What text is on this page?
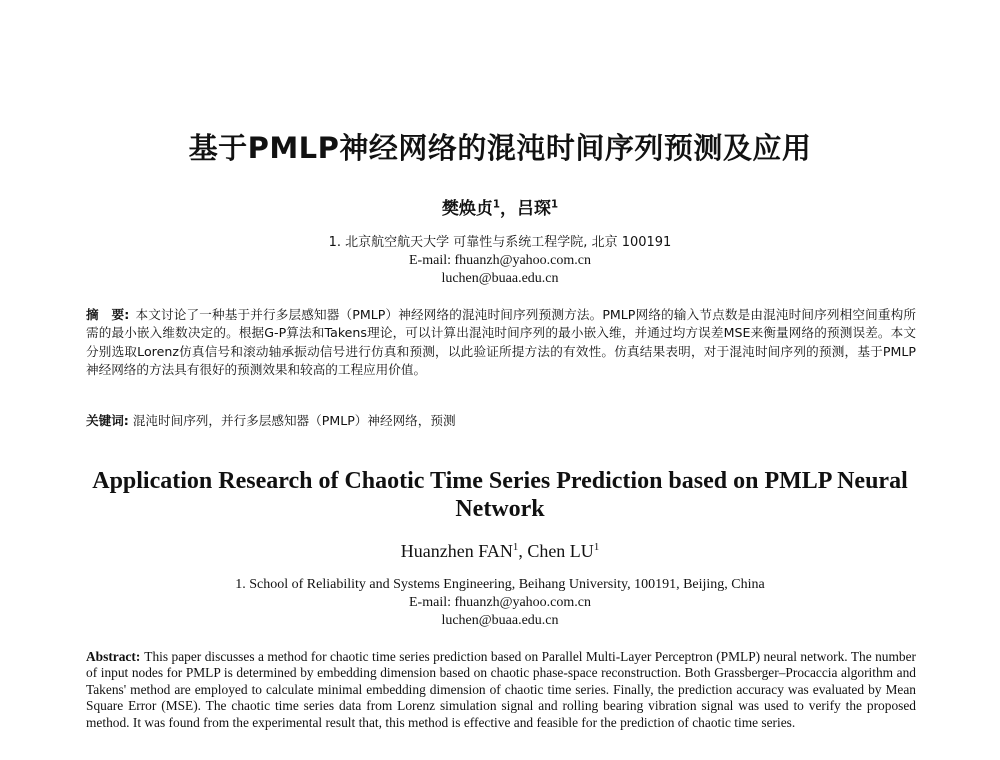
基于PMLP神经网络的混沌时间序列预测及应用
樊焕贞$^1$，吕琛$^1$
1. 北京航空航天大学 可靠性与系统工程学院, 北京 100191
E-mail: fhuanzh@yahoo.com.cn
luchen@buaa.edu.cn
摘　要: 本文讨论了一种基于并行多层感知器（PMLP）神经网络的混沌时间序列预测方法。PMLP网络的输入节点数是由混沌时间序列相空间重构所需的最小嵌入维数决定的。根据G-P算法和Takens理论，可以计算出混沌时间序列的最小嵌入维，并通过均方误差MSE来衡量网络的预测误差。本文分别选取Lorenz仿真信号和滚动轴承振动信号进行仿真和预测，以此验证所提方法的有效性。仿真结果表明，对于混沌时间序列的预测，基于PMLP神经网络的方法具有很好的预测效果和较高的工程应用价值。
关键词: 混沌时间序列，并行多层感知器（PMLP）神经网络，预测
Application Research of Chaotic Time Series Prediction based on PMLP Neural Network
Huanzhen FAN$^1$, Chen $LU^1$
1. School of Reliability and Systems Engineering, Beihang University, 100191, Beijing, China
E-mail: fhuanzh@yahoo.com.cn
luchen@buaa.edu.cn
Abstract: This paper discusses a method for chaotic time series prediction based on Parallel Multi-Layer Perceptron (PMLP) neural network. The number of input nodes for PMLP is determined by embedding dimension based on chaotic phase-space reconstruction. Both Grassberger–Procaccia algorithm and Takens' method are employed to calculate minimal embedding dimension of chaotic time series. Finally, the prediction accuracy was evaluated by Mean Square Error (MSE). The chaotic time series data from Lorenz simulation signal and rolling bearing vibration signal was used to verify the proposed method. It was found from the experimental result that, this method is effective and feasible for the prediction of chaotic time series.
